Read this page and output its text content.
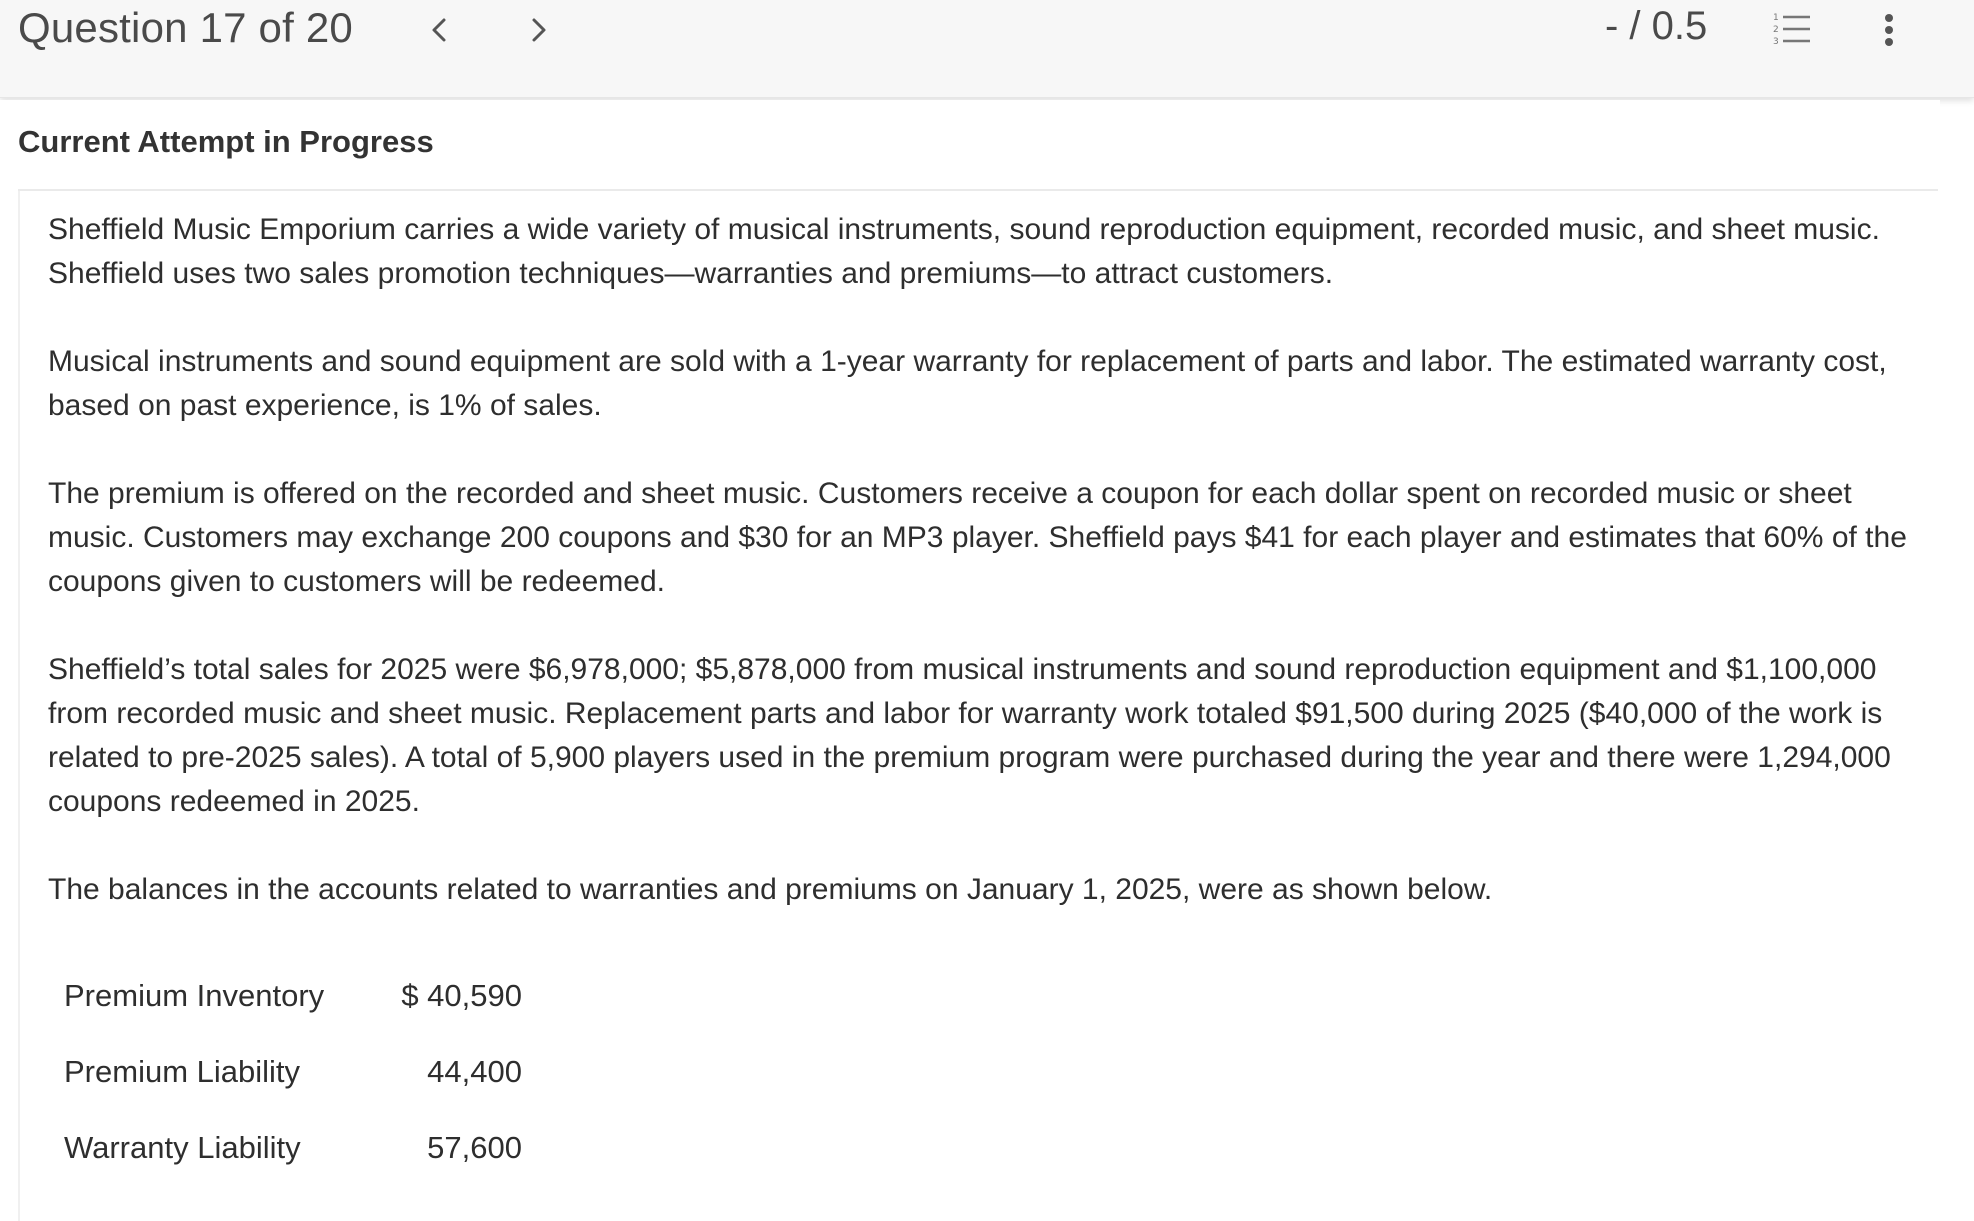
Question 17 of 20	- / 0.5	1
2
3
Current Attempt in Progress

Sheffield Music Emporium carries a wide variety of musical instruments, sound reproduction equipment, recorded music, and sheet music. Sheffield uses two sales promotion techniques—warranties and premiums—to attract customers.

Musical instruments and sound equipment are sold with a 1-year warranty for replacement of parts and labor. The estimated warranty cost, based on past experience, is 1% of sales.

The premium is offered on the recorded and sheet music. Customers receive a coupon for each dollar spent on recorded music or sheet music. Customers may exchange 200 coupons and $30 for an MP3 player. Sheffield pays $41 for each player and estimates that 60% of the coupons given to customers will be redeemed.

Sheffield’s total sales for 2025 were $6,978,000; $5,878,000 from musical instruments and sound reproduction equipment and $1,100,000 from recorded music and sheet music. Replacement parts and labor for warranty work totaled $91,500 during 2025 ($40,000 of the work is related to pre-2025 sales). A total of 5,900 players used in the premium program were purchased during the year and there were 1,294,000 coupons redeemed in 2025.

The balances in the accounts related to warranties and premiums on January 1, 2025, were as shown below.

Premium Inventory	$ 40,590
Premium Liability	44,400
Warranty Liability	57,600
